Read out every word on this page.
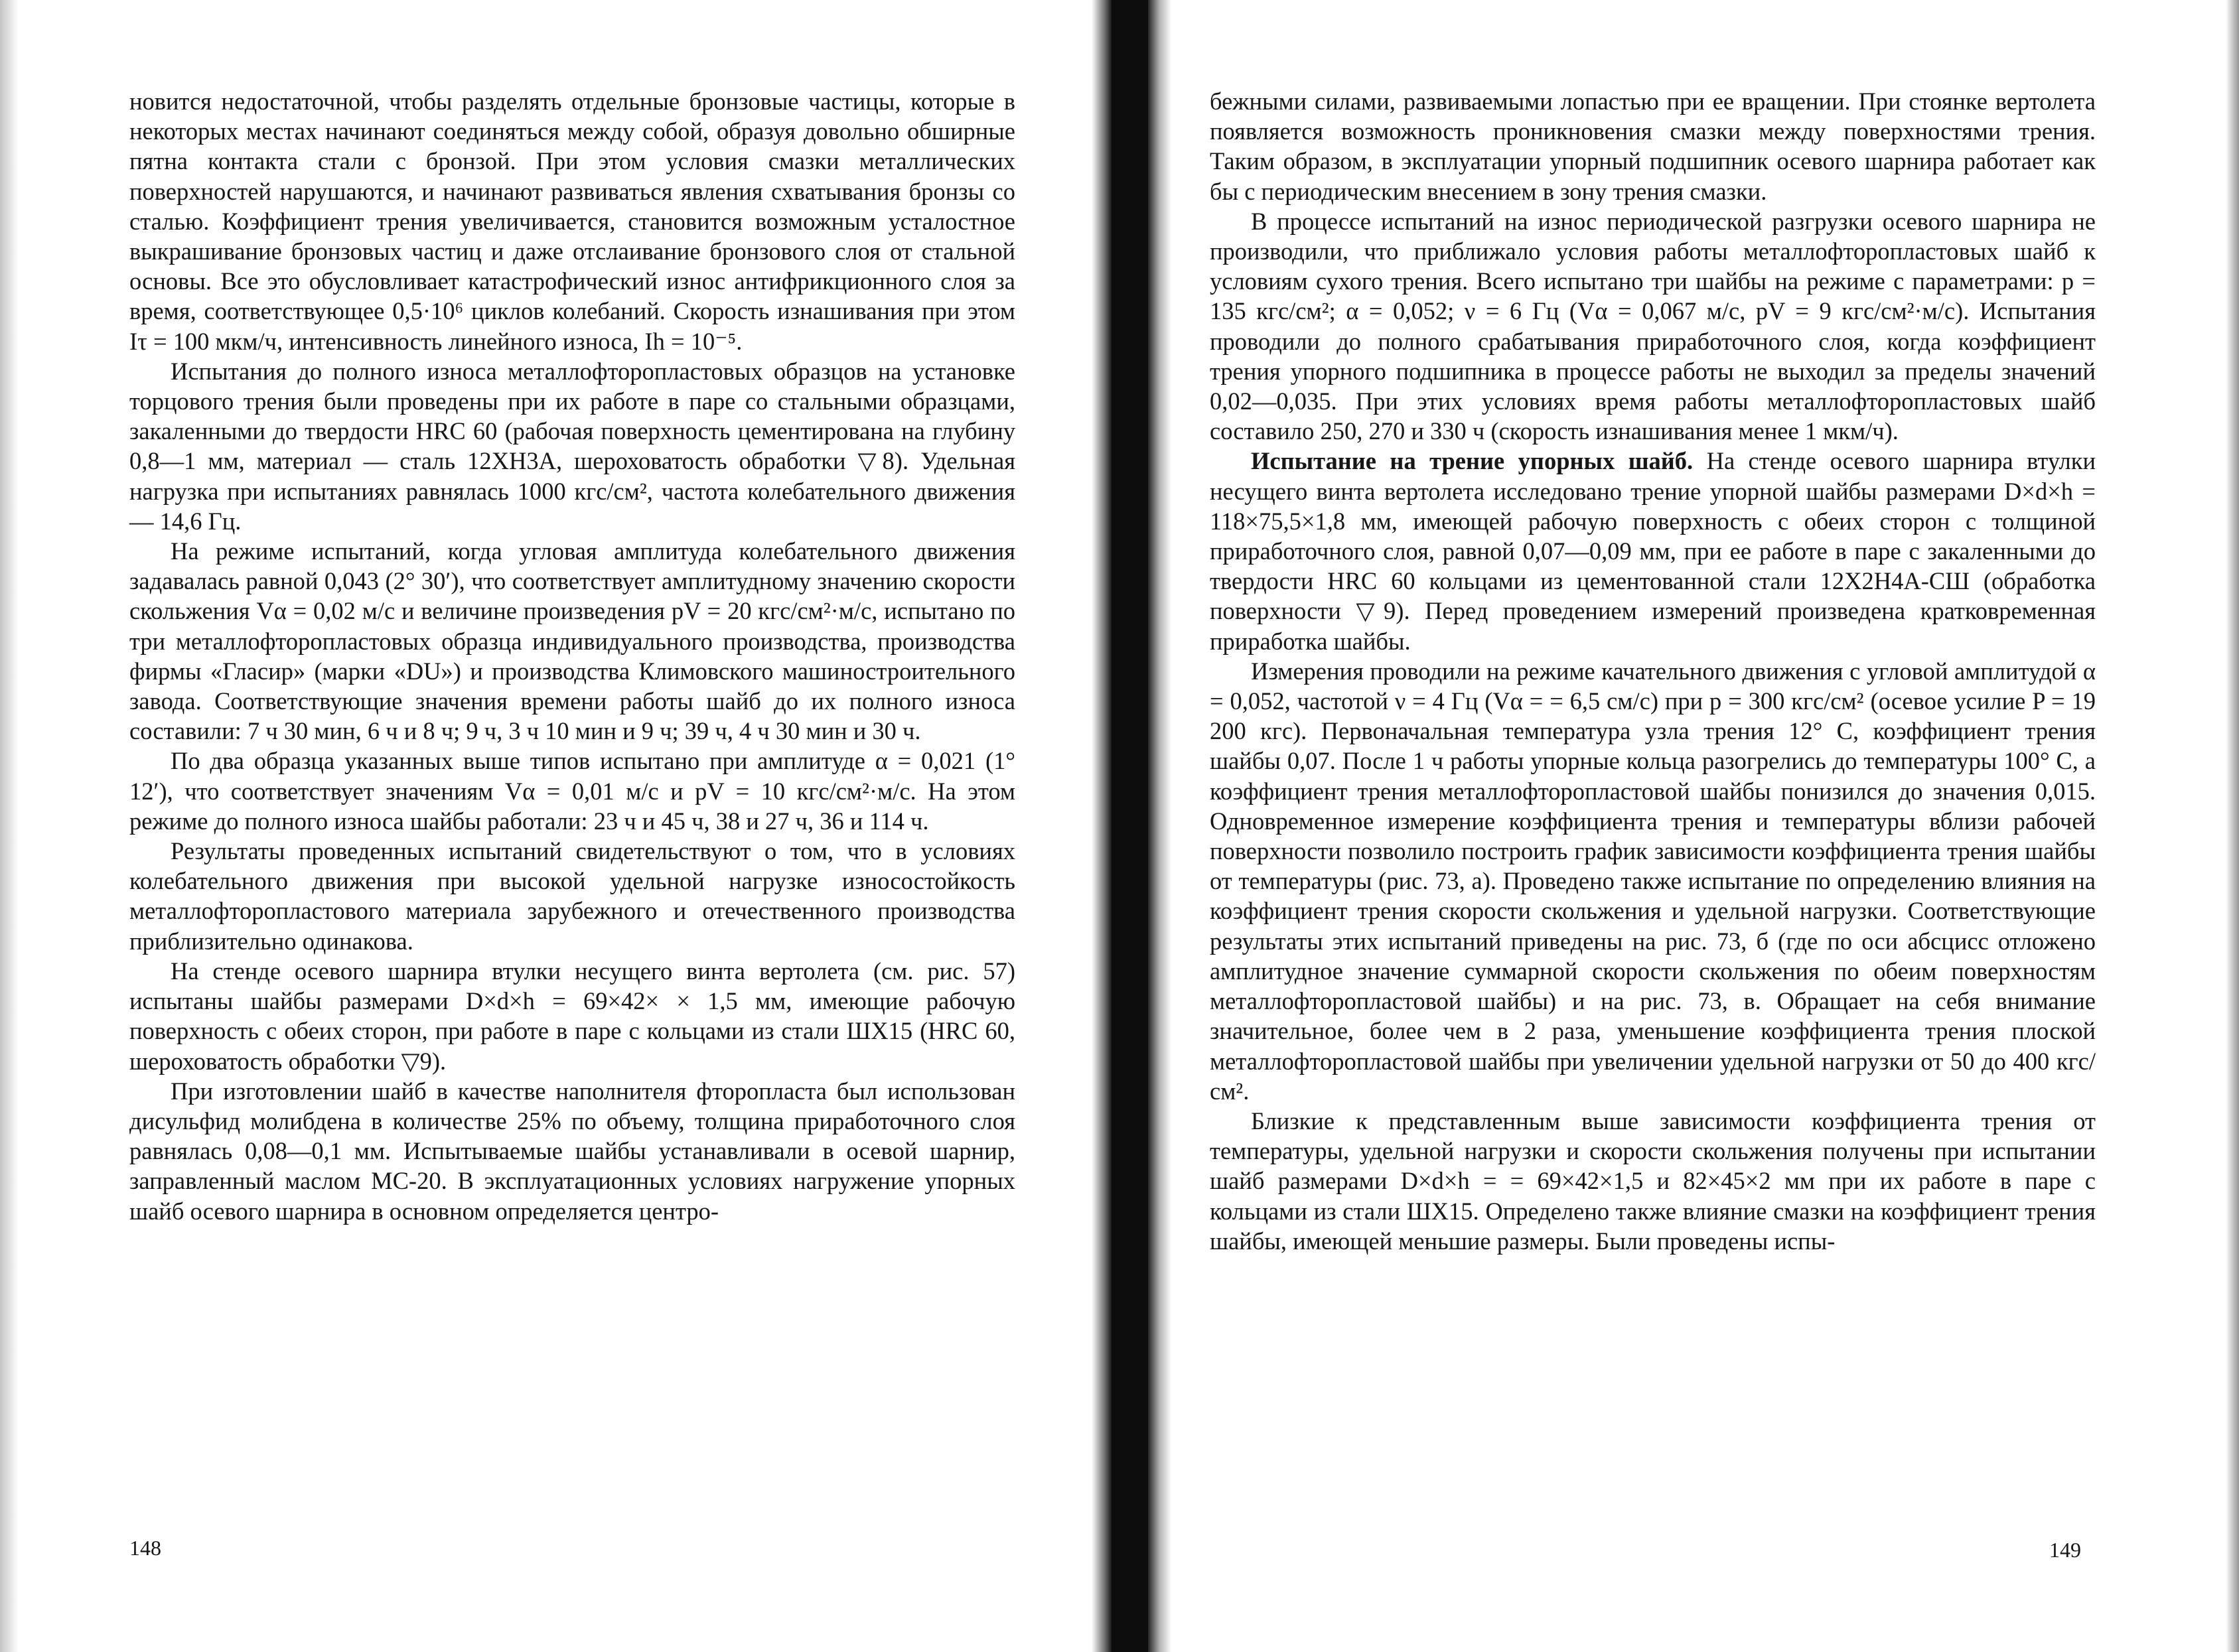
новится недостаточной, чтобы разделять отдельные бронзовые частицы, которые в некоторых местах начинают соединяться между собой, образуя довольно обширные пятна контакта стали с бронзой. При этом условия смазки металлических поверхностей нарушаются, и начинают развиваться явления схватывания бронзы со сталью. Коэффициент трения увеличивается, становится возможным усталостное выкрашивание бронзовых частиц и даже отслаивание бронзового слоя от стальной основы. Все это обусловливает катастрофический износ антифрикционного слоя за время, соответствующее 0,5·10⁶ циклов колебаний. Скорость изнашивания при этом Iτ = 100 мкм/ч, интенсивность линейного износа, Ih = 10⁻⁵.

Испытания до полного износа металлофторопластовых образцов на установке торцового трения были проведены при их работе в паре со стальными образцами, закаленными до твердости HRC 60 (рабочая поверхность цементирована на глубину 0,8—1 мм, материал — сталь 12ХН3А, шероховатость обработки ▽8). Удельная нагрузка при испытаниях равнялась 1000 кгс/см², частота колебательного движения — 14,6 Гц.

На режиме испытаний, когда угловая амплитуда колебательного движения задавалась равной 0,043 (2° 30′), что соответствует амплитудному значению скорости скольжения Vα = 0,02 м/с и величине произведения pV = 20 кгс/см²·м/с, испытано по три металлофторопластовых образца индивидуального производства, производства фирмы «Гласир» (марки «DU») и производства Климовского машиностроительного завода. Соответствующие значения времени работы шайб до их полного износа составили: 7 ч 30 мин, 6 ч и 8 ч; 9 ч, 3 ч 10 мин и 9 ч; 39 ч, 4 ч 30 мин и 30 ч.

По два образца указанных выше типов испытано при амплитуде α = 0,021 (1° 12′), что соответствует значениям Vα = 0,01 м/с и pV = 10 кгс/см²·м/с. На этом режиме до полного износа шайбы работали: 23 ч и 45 ч, 38 и 27 ч, 36 и 114 ч.

Результаты проведенных испытаний свидетельствуют о том, что в условиях колебательного движения при высокой удельной нагрузке износостойкость металлофторопластового материала зарубежного и отечественного производства приблизительно одинакова.

На стенде осевого шарнира втулки несущего винта вертолета (см. рис. 57) испытаны шайбы размерами D×d×h = 69×42× × 1,5 мм, имеющие рабочую поверхность с обеих сторон, при работе в паре с кольцами из стали ШХ15 (HRC 60, шероховатость обработки ▽9).

При изготовлении шайб в качестве наполнителя фторопласта был использован дисульфид молибдена в количестве 25% по объему, толщина приработочного слоя равнялась 0,08—0,1 мм. Испытываемые шайбы устанавливали в осевой шарнир, заправленный маслом МС-20. В эксплуатационных условиях нагружение упорных шайб осевого шарнира в основном определяется центро-

148

бежными силами, развиваемыми лопастью при ее вращении. При стоянке вертолета появляется возможность проникновения смазки между поверхностями трения. Таким образом, в эксплуатации упорный подшипник осевого шарнира работает как бы с периодическим внесением в зону трения смазки.

В процессе испытаний на износ периодической разгрузки осевого шарнира не производили, что приближало условия работы металлофторопластовых шайб к условиям сухого трения. Всего испытано три шайбы на режиме с параметрами: p = 135 кгс/см²; α = 0,052; ν = 6 Гц (Vα = 0,067 м/с, pV = 9 кгс/см²·м/с). Испытания проводили до полного срабатывания приработочного слоя, когда коэффициент трения упорного подшипника в процессе работы не выходил за пределы значений 0,02—0,035. При этих условиях время работы металлофторопластовых шайб составило 250, 270 и 330 ч (скорость изнашивания менее 1 мкм/ч).

Испытание на трение упорных шайб. На стенде осевого шарнира втулки несущего винта вертолета исследовано трение упорной шайбы размерами D×d×h = 118×75,5×1,8 мм, имеющей рабочую поверхность с обеих сторон с толщиной приработочного слоя, равной 0,07—0,09 мм, при ее работе в паре с закаленными до твердости HRC 60 кольцами из цементованной стали 12Х2Н4А-СШ (обработка поверхности ▽9). Перед проведением измерений произведена кратковременная приработка шайбы.

Измерения проводили на режиме качательного движения с угловой амплитудой α = 0,052, частотой ν = 4 Гц (Vα = = 6,5 см/с) при p = 300 кгс/см² (осевое усилие P = 19 200 кгс). Первоначальная температура узла трения 12° С, коэффициент трения шайбы 0,07. После 1 ч работы упорные кольца разогрелись до температуры 100° С, а коэффициент трения металлофторопластовой шайбы понизился до значения 0,015. Одновременное измерение коэффициента трения и температуры вблизи рабочей поверхности позволило построить график зависимости коэффициента трения шайбы от температуры (рис. 73, а). Проведено также испытание по определению влияния на коэффициент трения скорости скольжения и удельной нагрузки. Соответствующие результаты этих испытаний приведены на рис. 73, б (где по оси абсцисс отложено амплитудное значение суммарной скорости скольжения по обеим поверхностям металлофторопластовой шайбы) и на рис. 73, в. Обращает на себя внимание значительное, более чем в 2 раза, уменьшение коэффициента трения плоской металлофторопластовой шайбы при увеличении удельной нагрузки от 50 до 400 кгс/см².

Близкие к представленным выше зависимости коэффициента трения от температуры, удельной нагрузки и скорости скольжения получены при испытании шайб размерами D×d×h = = 69×42×1,5 и 82×45×2 мм при их работе в паре с кольцами из стали ШХ15. Определено также влияние смазки на коэффициент трения шайбы, имеющей меньшие размеры. Были проведены испы-

149
